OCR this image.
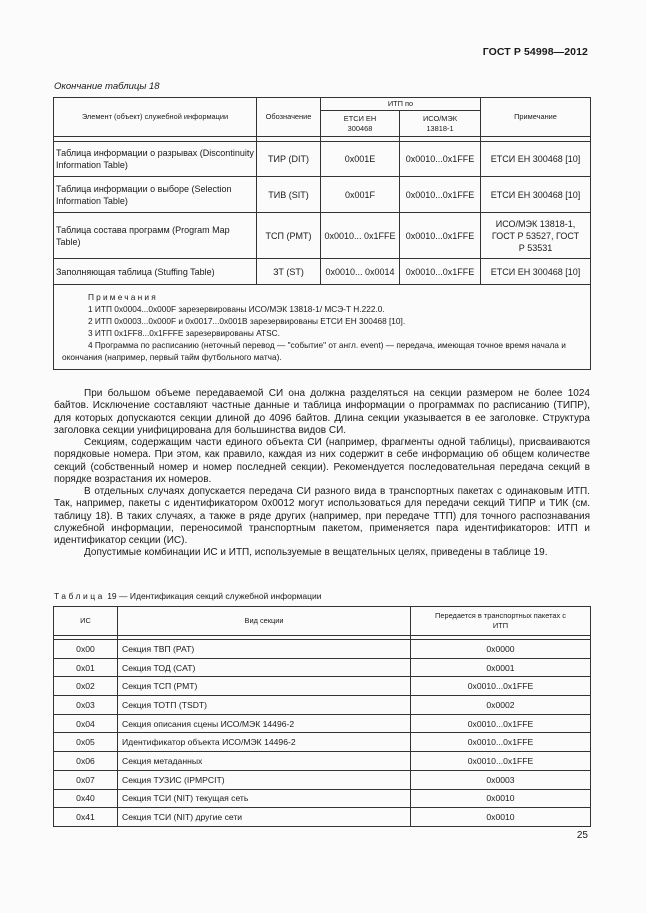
ГОСТ Р 54998—2012
Окончание таблицы 18
Элемент (объект) служебной информации	Обозначение	ИТП по		Примечание
		ЕТСИ ЕН 300468	ИСО/МЭК 13818-1	

Таблица информации о разрывах (Discontinuity Information Table)	ТИР (DIT)	0x001E	0x0010...0x1FFE	ЕТСИ ЕН 300468 [10]
Таблица информации о выборе (Selection Information Table)	ТИВ (SIT)	0x001F	0x0010...0x1FFE	ЕТСИ ЕН 300468 [10]
Таблица состава программ (Program Map Table)	ТСП (PMT)	0x0010... 0x1FFE	0x0010...0x1FFE	ИСО/МЭК 13818-1, ГОСТ Р 53527, ГОСТ Р 53531
Заполняющая таблица (Stuffing Table)	ЗТ (ST)	0x0010... 0x0014	0x0010...0x1FFE	ЕТСИ ЕН 300468 [10]

Примечания
1 ИТП 0x0004...0x000F зарезервированы ИСО/МЭК 13818-1/ МСЭ-Т Н.222.0.
2 ИТП 0x0003...0x000F и 0x0017...0x001В зарезервированы ЕТСИ ЕН 300468 [10].
3 ИТП 0x1FF8...0x1FFFE зарезервированы ATSC.
4 Программа по расписанию (неточный перевод — "событие" от англ. event) — передача, имеющая точное время начала и окончания (например, первый тайм футбольного матча).				

При большом объеме передаваемой СИ она должна разделяться на секции размером не более 1024 байтов. Исключение составляют частные данные и таблица информации о программах по расписанию (ТИПР), для которых допускаются секции длиной до 4096 байтов. Длина секции указывается в ее заголовке. Структура заголовка секции унифицирована для большинства видов СИ.

Секциям, содержащим части единого объекта СИ (например, фрагменты одной таблицы), присваиваются порядковые номера. При этом, как правило, каждая из них содержит в себе информацию об общем количестве секций (собственный номер и номер последней секции). Рекомендуется последовательная передача секций в порядке возрастания их номеров.

В отдельных случаях допускается передача СИ разного вида в транспортных пакетах с одинаковым ИТП. Так, например, пакеты с идентификатором 0x0012 могут использоваться для передачи секций ТИПР и ТИК (см. таблицу 18). В таких случаях, а также в ряде других (например, при передаче ТТП) для точного распознавания служебной информации, переносимой транспортным пакетом, применяется пара идентификаторов: ИТП и идентификатор секции (ИС).

Допустимые комбинации ИС и ИТП, используемые в вещательных целях, приведены в таблице 19.

Таблица 19 — Идентификация секций служебной информации
ИС	Вид секции	Передается в транспортных пакетах с ИТП

0x00	Секция ТВП (PAT)	0x0000
0x01	Секция ТОД (CAT)	0x0001
0x02	Секция ТСП (PMT)	0x0010...0x1FFE
0x03	Секция ТОТП (TSDT)	0x0002
0x04	Секция описания сцены ИСО/МЭК 14496-2	0x0010...0x1FFE
0x05	Идентификатор объекта ИСО/МЭК 14496-2	0x0010...0x1FFE
0x06	Секция метаданных	0x0010...0x1FFE
0x07	Секция ТУЗИС (IPMPCIT)	0x0003
0x40	Секция ТСИ (NIT) текущая сеть	0x0010
0x41	Секция ТСИ (NIT) другие сети	0x0010
25
